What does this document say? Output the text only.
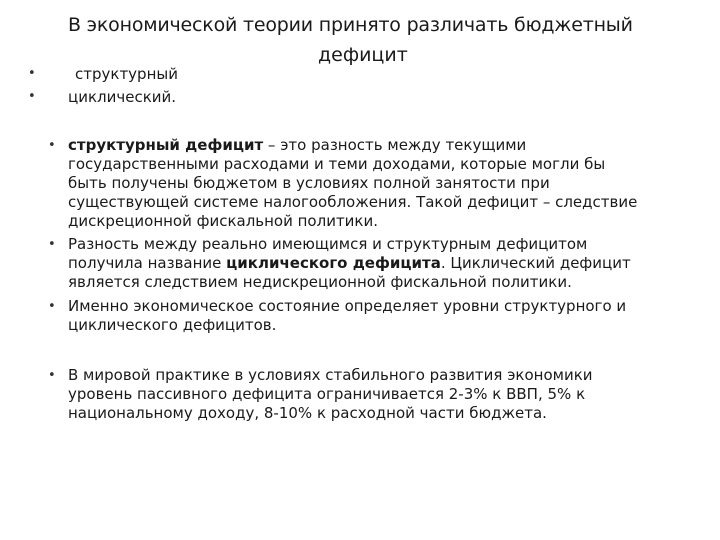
В экономической теории принято различать бюджетный
дефицит
•	структурный
• циклический.
• структурный дефицит – это разность между текущими
государственными расходами и теми доходами, которые могли бы
быть получены бюджетом в условиях полной занятости при
существующей системе налогообложения. Такой дефицит – следствие
дискреционной фискальной политики.
• Разность между реально имеющимся и структурным дефицитом
получила название циклического дефицита. Циклический дефицит
является следствием недискреционной фискальной политики.
• Именно экономическое состояние определяет уровни структурного и
циклического дефицитов.
• В мировой практике в условиях стабильного развития экономики
уровень пассивного дефицита ограничивается 2-3% к ВВП, 5% к
национальному доходу, 8-10% к расходной части бюджета.
